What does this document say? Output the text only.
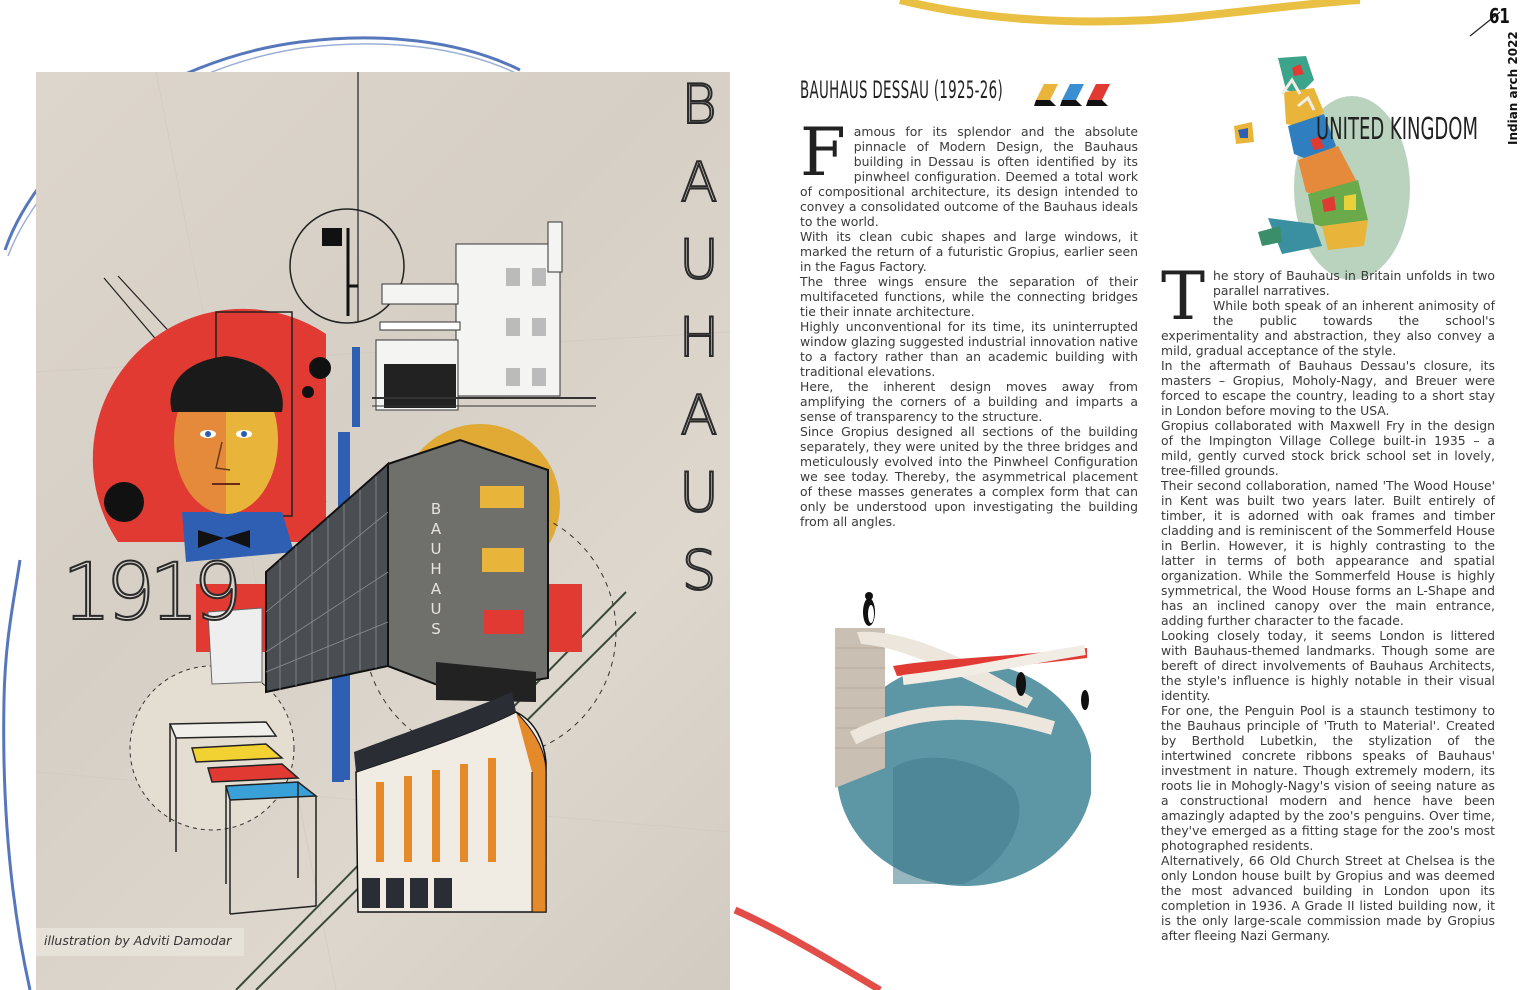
1919
B
A
U
H
A
U
S
B
A
U
H
A
U
S
illustration by Adviti Damodar
BAUHAUS DESSAU (1925-26)
F amous for its splendor and the absolute pinnacle of Modern Design, the Bauhaus building in Dessau is often identified by its pinwheel configuration. Deemed a total work of compositional architecture, its design intended to convey a consolidated outcome of the Bauhaus ideals to the world.

With its clean cubic shapes and large windows, it marked the return of a futuristic Gropius, earlier seen in the Fagus Factory.

The three wings ensure the separation of their multifaceted functions, while the connecting bridges tie their innate architecture.

Highly unconventional for its time, its uninterrupted window glazing suggested industrial innovation native to a factory rather than an academic building with traditional elevations.

Here, the inherent design moves away from amplifying the corners of a building and imparts a sense of transparency to the structure.

Since Gropius designed all sections of the building separately, they were united by the three bridges and meticulously evolved into the Pinwheel Configuration we see today. Thereby, the asymmetrical placement of these masses generates a complex form that can only be understood upon investigating the building from all angles.

UNITED KINGDOM
T he story of Bauhaus in Britain unfolds in two parallel narratives.

While both speak of an inherent animosity of the public towards the school's experimentality and abstraction, they also convey a mild, gradual acceptance of the style.

In the aftermath of Bauhaus Dessau's closure, its masters – Gropius, Moholy-Nagy, and Breuer were forced to escape the country, leading to a short stay in London before moving to the USA.

Gropius collaborated with Maxwell Fry in the design of the Impington Village College built-in 1935 – a mild, gently curved stock brick school set in lovely, tree-filled grounds.

Their second collaboration, named 'The Wood House' in Kent was built two years later. Built entirely of timber, it is adorned with oak frames and timber cladding and is reminiscent of the Sommerfeld House in Berlin. However, it is highly contrasting to the latter in terms of both appearance and spatial organization. While the Sommerfeld House is highly symmetrical, the Wood House forms an L-Shape and has an inclined canopy over the main entrance, adding further character to the facade.

Looking closely today, it seems London is littered with Bauhaus-themed landmarks. Though some are bereft of direct involvements of Bauhaus Architects, the style's influence is highly notable in their visual identity.

For one, the Penguin Pool is a staunch testimony to the Bauhaus principle of 'Truth to Material'. Created by Berthold Lubetkin, the stylization of the intertwined concrete ribbons speaks of Bauhaus' investment in nature. Though extremely modern, its roots lie in Mohogly-Nagy's vision of seeing nature as a constructional modern and hence have been amazingly adapted by the zoo's penguins. Over time, they've emerged as a fitting stage for the zoo's most photographed residents.

Alternatively, 66 Old Church Street at Chelsea is the only London house built by Gropius and was deemed the most advanced building in London upon its completion in 1936. A Grade II listed building now, it is the only large-scale commission made by Gropius after fleeing Nazi Germany.

61
Indian arch 2022
